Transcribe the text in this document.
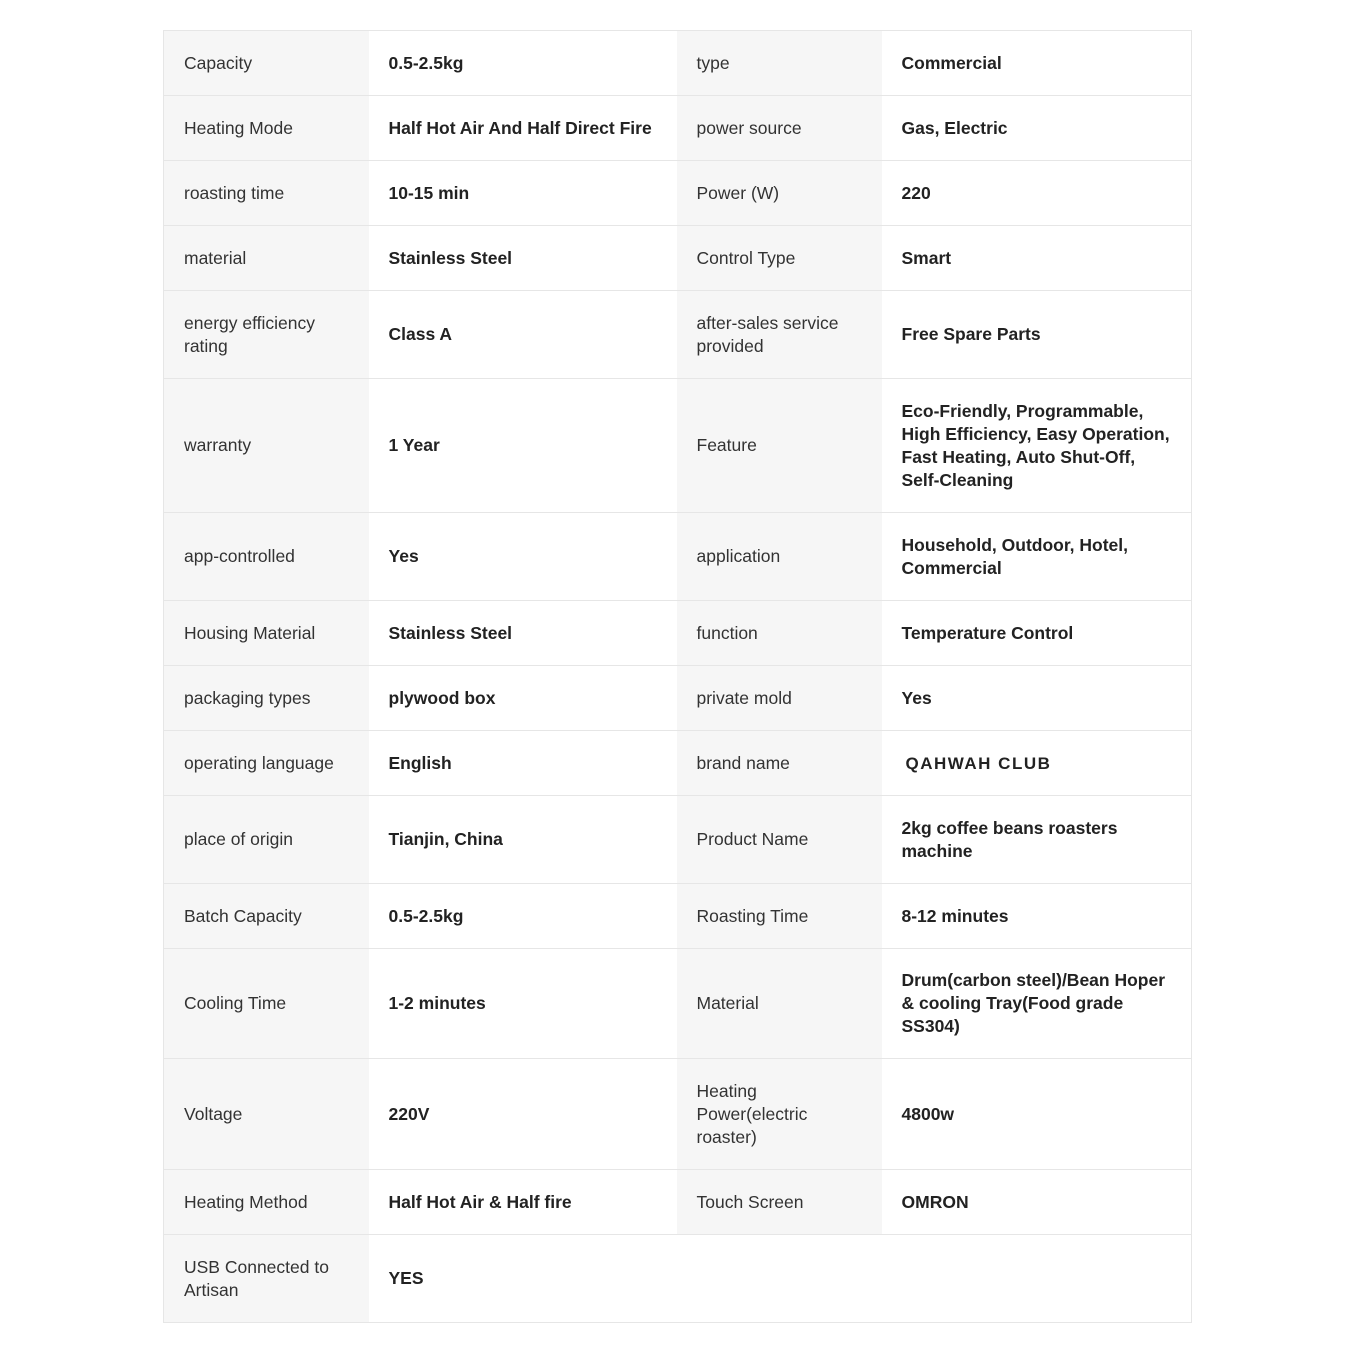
Capacity	0.5-2.5kg	type	Commercial
Heating Mode	Half Hot Air And Half Direct Fire	power source	Gas, Electric
roasting time	10-15 min	Power (W)	220
material	Stainless Steel	Control Type	Smart
energy efficiency rating	Class A	after-sales service provided	Free Spare Parts
warranty	1 Year	Feature	Eco-Friendly, Programmable, High Efficiency, Easy Operation, Fast Heating, Auto Shut-Off, Self-Cleaning
app-controlled	Yes	application	Household, Outdoor, Hotel, Commercial
Housing Material	Stainless Steel	function	Temperature Control
packaging types	plywood box	private mold	Yes
operating language	English	brand name	QAHWAH CLUB
place of origin	Tianjin, China	Product Name	2kg coffee beans roasters machine
Batch Capacity	0.5-2.5kg	Roasting Time	8-12 minutes
Cooling Time	1-2 minutes	Material	Drum(carbon steel)/Bean Hoper & cooling Tray(Food grade SS304)
Voltage	220V	Heating Power(electric roaster)	4800w
Heating Method	Half Hot Air & Half fire	Touch Screen	OMRON
USB Connected to Artisan	YES		
